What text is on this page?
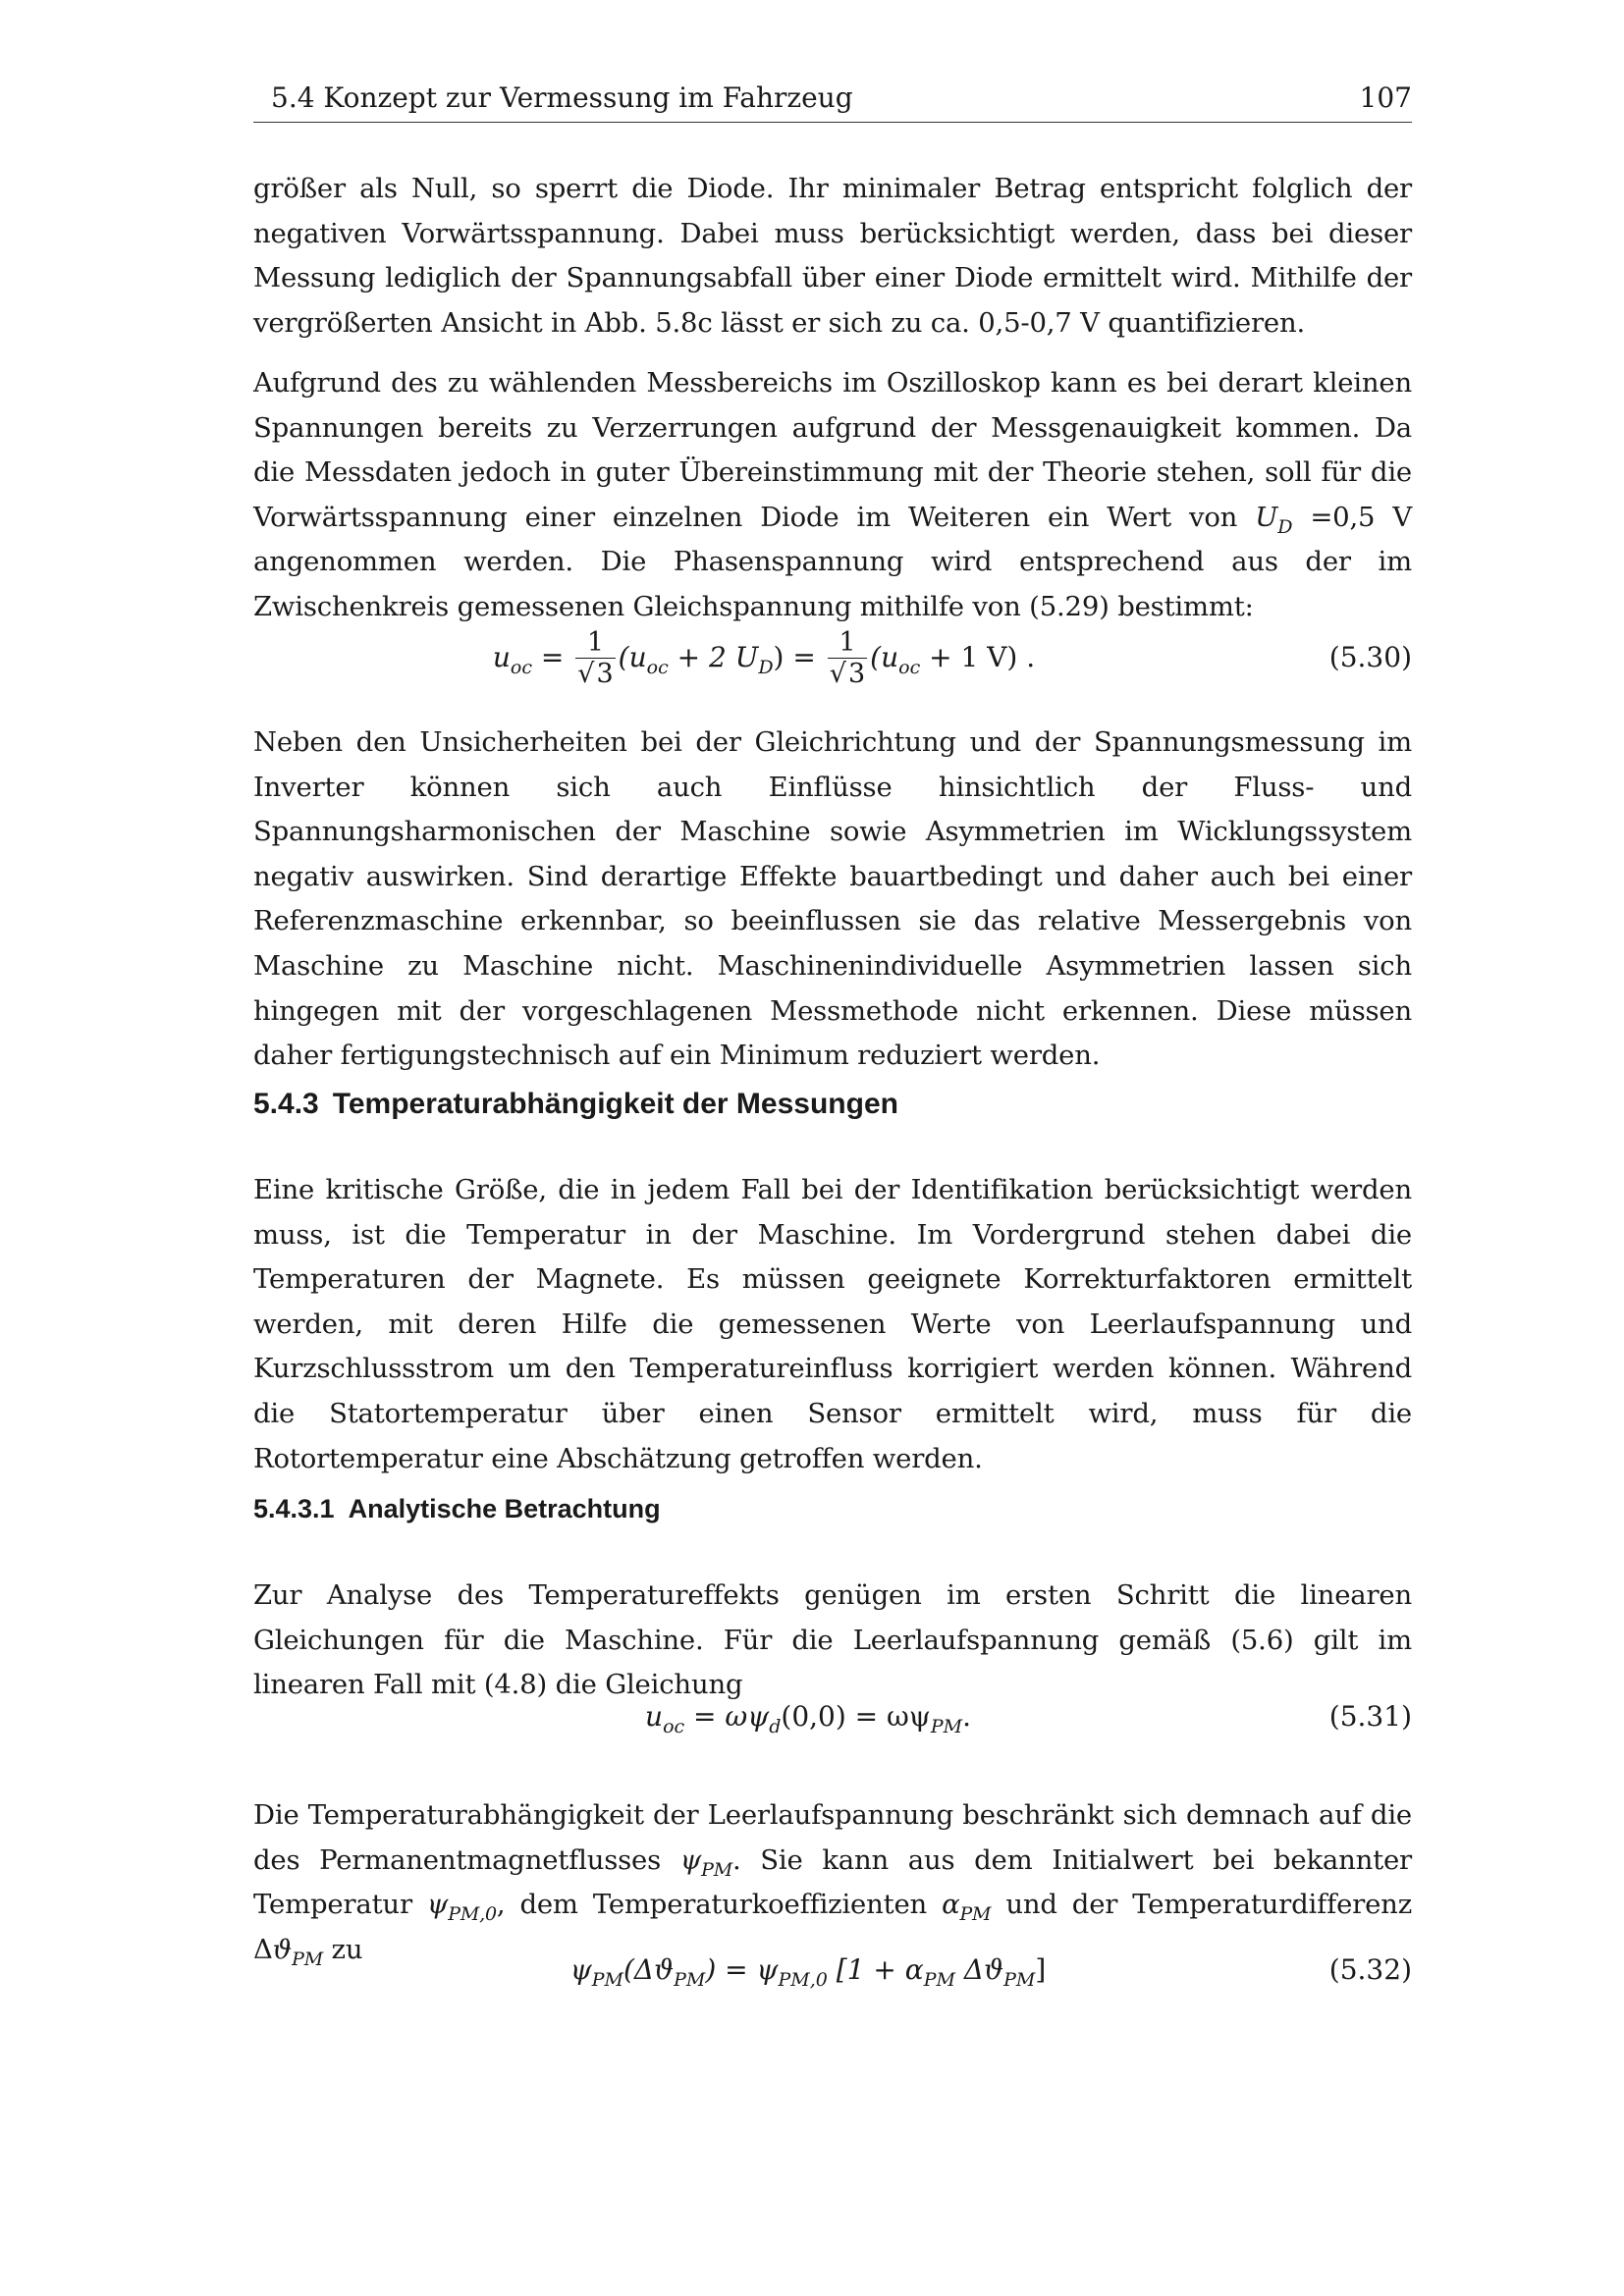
5.4 Konzept zur Vermessung im Fahrzeug	107

größer als Null, so sperrt die Diode. Ihr minimaler Betrag entspricht folglich der negativen Vorwärtsspannung. Dabei muss berücksichtigt werden, dass bei dieser Messung lediglich der Spannungsabfall über einer Diode ermittelt wird. Mithilfe der vergrößerten Ansicht in Abb. 5.8c lässt er sich zu ca. 0,5-0,7 V quantifizieren.

Aufgrund des zu wählenden Messbereichs im Oszilloskop kann es bei derart kleinen Spannungen bereits zu Verzerrungen aufgrund der Messgenauigkeit kommen. Da die Messdaten jedoch in guter Übereinstimmung mit der Theorie stehen, soll für die Vorwärtsspannung einer einzelnen Diode im Weiteren ein Wert von $U_D =0,5$ V angenommen werden. Die Phasenspannung wird entsprechend aus der im Zwischenkreis gemessenen Gleichspannung mithilfe von (5.29) bestimmt:

$u_{oc} = \frac{1}{√3} (u_{oc} + 2$ $U_D) = \frac{1}{√3} (u_{oc} + 1$ V) .	(5.30)

Neben den Unsicherheiten bei der Gleichrichtung und der Spannungsmessung im Inverter können sich auch Einflüsse hinsichtlich der Fluss- und Spannungsharmonischen der Maschine sowie Asymmetrien im Wicklungssystem negativ auswirken. Sind derartige Effekte bauartbedingt und daher auch bei einer Referenzmaschine erkennbar, so beeinflussen sie das relative Messergebnis von Maschine zu Maschine nicht. Maschinenindividuelle Asymmetrien lassen sich hingegen mit der vorgeschlagenen Messmethode nicht erkennen. Diese müssen daher fertigungstechnisch auf ein Minimum reduziert werden.

5.4.3 Temperaturabhängigkeit der Messungen

Eine kritische Größe, die in jedem Fall bei der Identifikation berücksichtigt werden muss, ist die Temperatur in der Maschine. Im Vordergrund stehen dabei die Temperaturen der Magnete. Es müssen geeignete Korrekturfaktoren ermittelt werden, mit deren Hilfe die gemessenen Werte von Leerlaufspannung und Kurzschlussstrom um den Temperatureinfluss korrigiert werden können. Während die Statortemperatur über einen Sensor ermittelt wird, muss für die Rotortemperatur eine Abschätzung getroffen werden.

5.4.3.1 Analytische Betrachtung

Zur Analyse des Temperatureffekts genügen im ersten Schritt die linearen Gleichungen für die Maschine. Für die Leerlaufspannung gemäß (5.6) gilt im linearen Fall mit (4.8) die Gleichung

$u_{oc} = \omega\psi_d(0,0) = \omega\psi_{PM}$.	(5.31)

Die Temperaturabhängigkeit der Leerlaufspannung beschränkt sich demnach auf die des Permanentmagnetflusses $\psi_{PM}$. Sie kann aus dem Initialwert bei bekannter Temperatur $\psi_{PM,0}$, dem Temperaturkoeffizienten $\alpha_{PM}$ und der Temperaturdifferenz $\Delta ϑ_{PM}$ zu

$\psi_{PM}(\Delta ϑ_{PM}) = \psi_{PM,0}$ [$1 + \alpha_{PM}$ $\Delta ϑ_{PM}$]	(5.32)
